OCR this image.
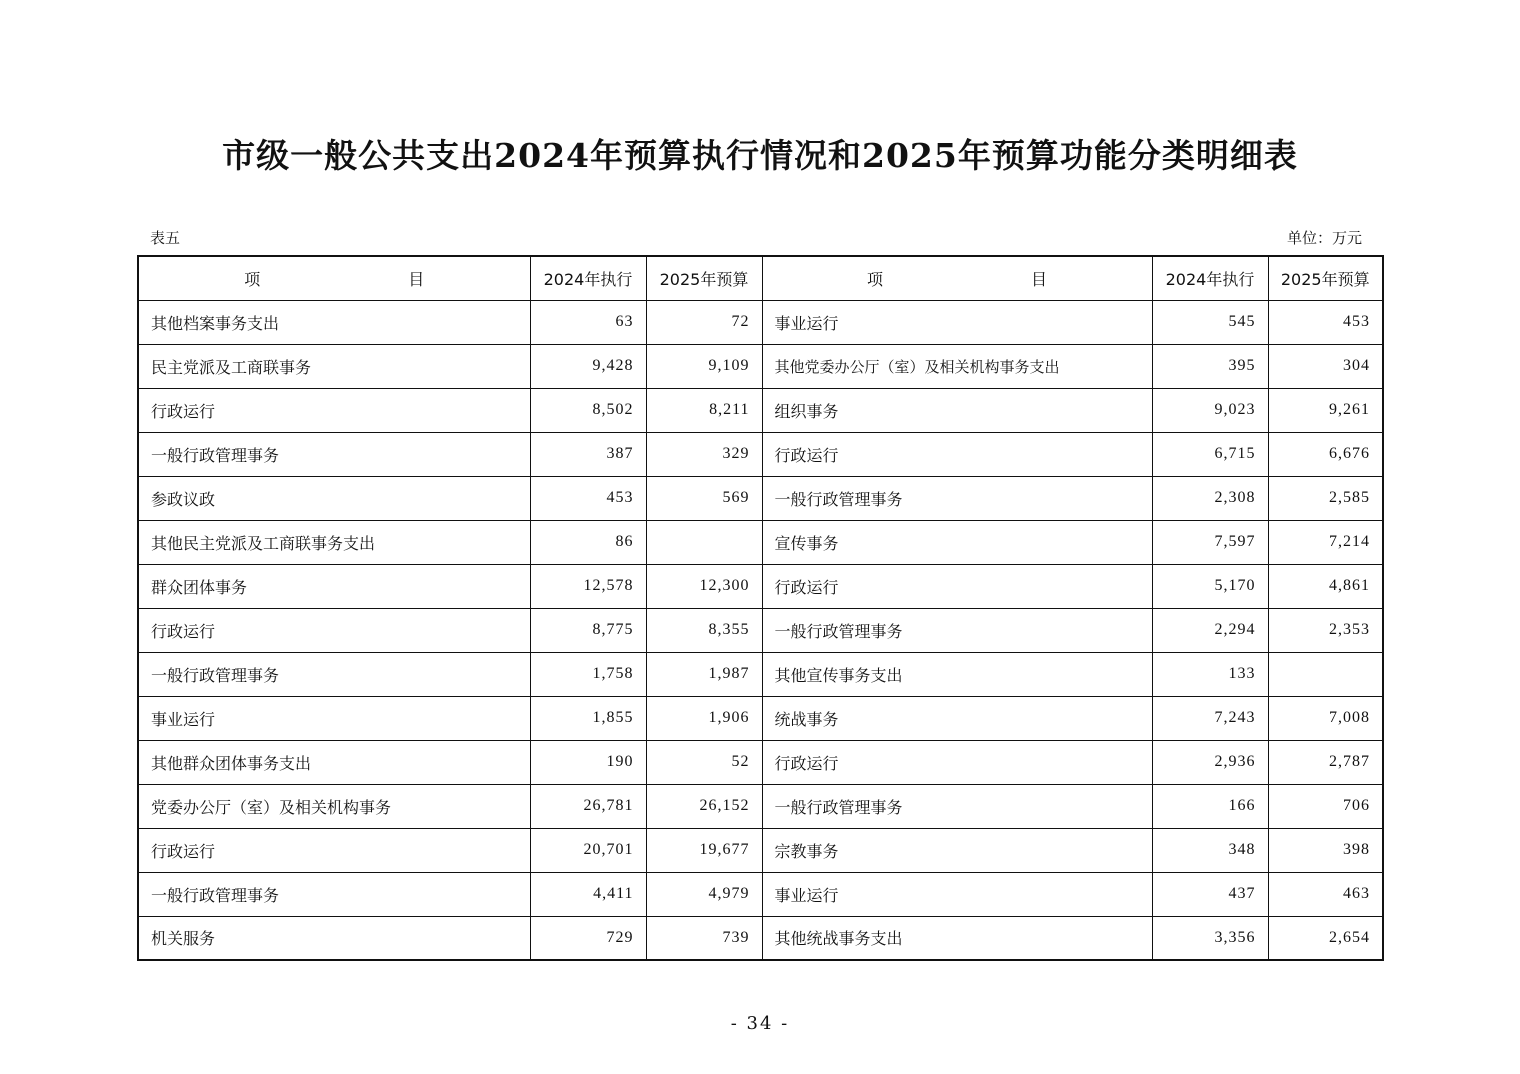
市级一般公共支出2024年预算执行情况和2025年预算功能分类明细表
表五	单位：万元
项 目	2024年执行	2025年预算	项 目	2024年执行	2025年预算
其他档案事务支出	63	72	事业运行	545	453
民主党派及工商联事务	9,428	9,109	其他党委办公厅（室）及相关机构事务支出	395	304
行政运行	8,502	8,211	组织事务	9,023	9,261
一般行政管理事务	387	329	行政运行	6,715	6,676
参政议政	453	569	一般行政管理事务	2,308	2,585
其他民主党派及工商联事务支出	86		宣传事务	7,597	7,214
群众团体事务	12,578	12,300	行政运行	5,170	4,861
行政运行	8,775	8,355	一般行政管理事务	2,294	2,353
一般行政管理事务	1,758	1,987	其他宣传事务支出	133	
事业运行	1,855	1,906	统战事务	7,243	7,008
其他群众团体事务支出	190	52	行政运行	2,936	2,787
党委办公厅（室）及相关机构事务	26,781	26,152	一般行政管理事务	166	706
行政运行	20,701	19,677	宗教事务	348	398
一般行政管理事务	4,411	4,979	事业运行	437	463
机关服务	729	739	其他统战事务支出	3,356	2,654
- 34 -
